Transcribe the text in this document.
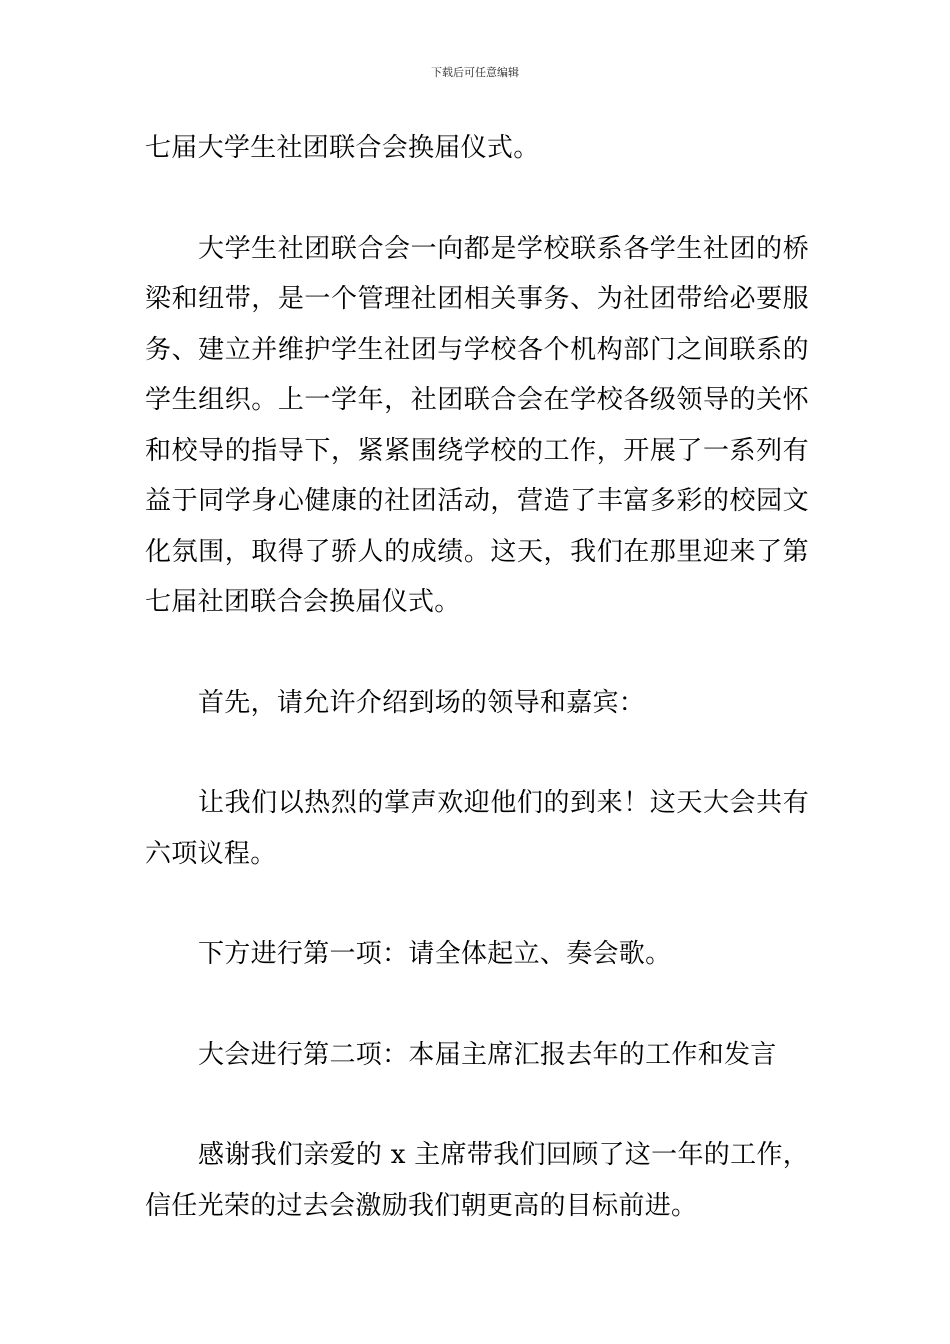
下载后可任意编辑

七届大学生社团联合会换届仪式。

大学生社团联合会一向都是学校联系各学生社团的桥梁和纽带，是一个管理社团相关事务、为社团带给必要服务、建立并维护学生社团与学校各个机构部门之间联系的学生组织。上一学年，社团联合会在学校各级领导的关怀和校导的指导下，紧紧围绕学校的工作，开展了一系列有益于同学身心健康的社团活动，营造了丰富多彩的校园文化氛围，取得了骄人的成绩。这天，我们在那里迎来了第七届社团联合会换届仪式。

首先，请允许介绍到场的领导和嘉宾：

让我们以热烈的掌声欢迎他们的到来！这天大会共有六项议程。

下方进行第一项：请全体起立、奏会歌。

大会进行第二项：本届主席汇报去年的工作和发言

感谢我们亲爱的 x 主席带我们回顾了这一年的工作，信任光荣的过去会激励我们朝更高的目标前进。
